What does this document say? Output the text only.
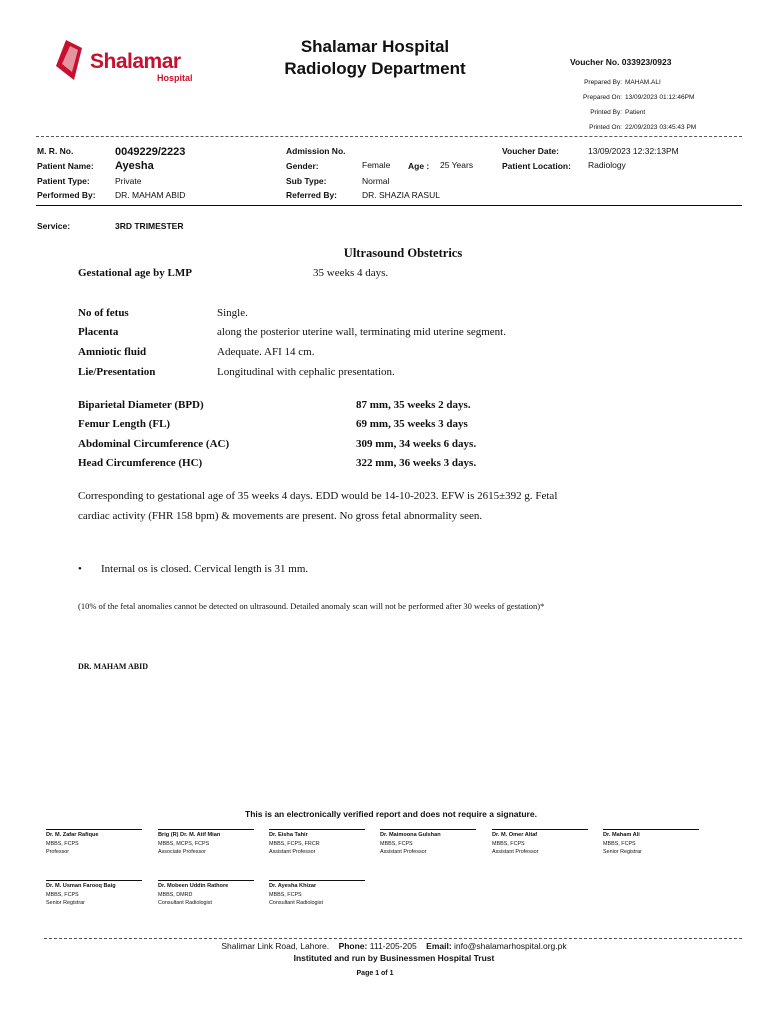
Shalamar
Hospital
Shalamar Hospital
Radiology Department	Voucher No. 033923/0923
Prepared By: MAHAM.ALI
Prepared On: 13/09/2023 01:12:46PM
Printed By: Patient
Printed On: 22/09/2023 03:45:43 PM
M. R. No.	0049229/2223
Patient Name: Ayesha
Patient Type:	Private
Performed By: DR. MAHAM ABID
Admission No.
Gender:	Female Age : 25 Years
Sub Type:	Normal
Referred By:	DR. SHAZIA RASUL
Voucher Date:	13/09/2023 12:32:13PM
Patient Location: Radiology
Service:	3RD TRIMESTER
Ultrasound Obstetrics
Gestational age by LMP	35 weeks 4 days.
No of fetus	Single.
Placenta	along the posterior uterine wall, terminating mid uterine segment.
Amniotic fluid	Adequate. AFI 14 cm.
Lie/Presentation	Longitudinal with cephalic presentation.
Biparietal Diameter (BPD)	87 mm, 35 weeks 2 days.
Femur Length (FL)	69 mm, 35 weeks 3 days
Abdominal Circumference (AC)	309 mm, 34 weeks 6 days.
Head Circumference (HC)	322 mm, 36 weeks 3 days.
Corresponding to gestational age of 35 weeks 4 days. EDD would be 14-10-2023. EFW is 2615±392 g. Fetal cardiac activity (FHR 158 bpm) & movements are present. No gross fetal abnormality seen.
• Internal os is closed. Cervical length is 31 mm.
(10% of the fetal anomalies cannot be detected on ultrasound. Detailed anomaly scan will not be performed after 30 weeks of gestation)*
DR. MAHAM ABID
This is an electronically verified report and does not require a signature.
Dr. M. Zafar Rafique
MBBS, FCPS
Professor
Brig (R) Dr. M. Atif Mian
MBBS, MCPS, FCPS
Associate Professor
Dr. Eisha Tahir
MBBS, FCPS, FRCR
Assistant Professor
Dr. Maimoona Gulshan
MBBS, FCPS
Assistant Professor
Dr. M. Omer Altaf
MBBS, FCPS
Assistant Professor
Dr. Maham Ali
MBBS, FCPS
Senior Registrar
Dr. M. Usman Farooq Baig
MBBS, FCPS
Senior Registrar
Dr. Mobeen Uddin Rathore
MBBS, DMRD
Consultant Radiologist
Dr. Ayesha Khizar
MBBS, FCPS
Consultant Radiologist
Shalimar Link Road, Lahore. Phone: 111-205-205 Email: info@shalamarhospital.org.pk
Instituted and run by Businessmen Hospital Trust
Page 1 of 1
